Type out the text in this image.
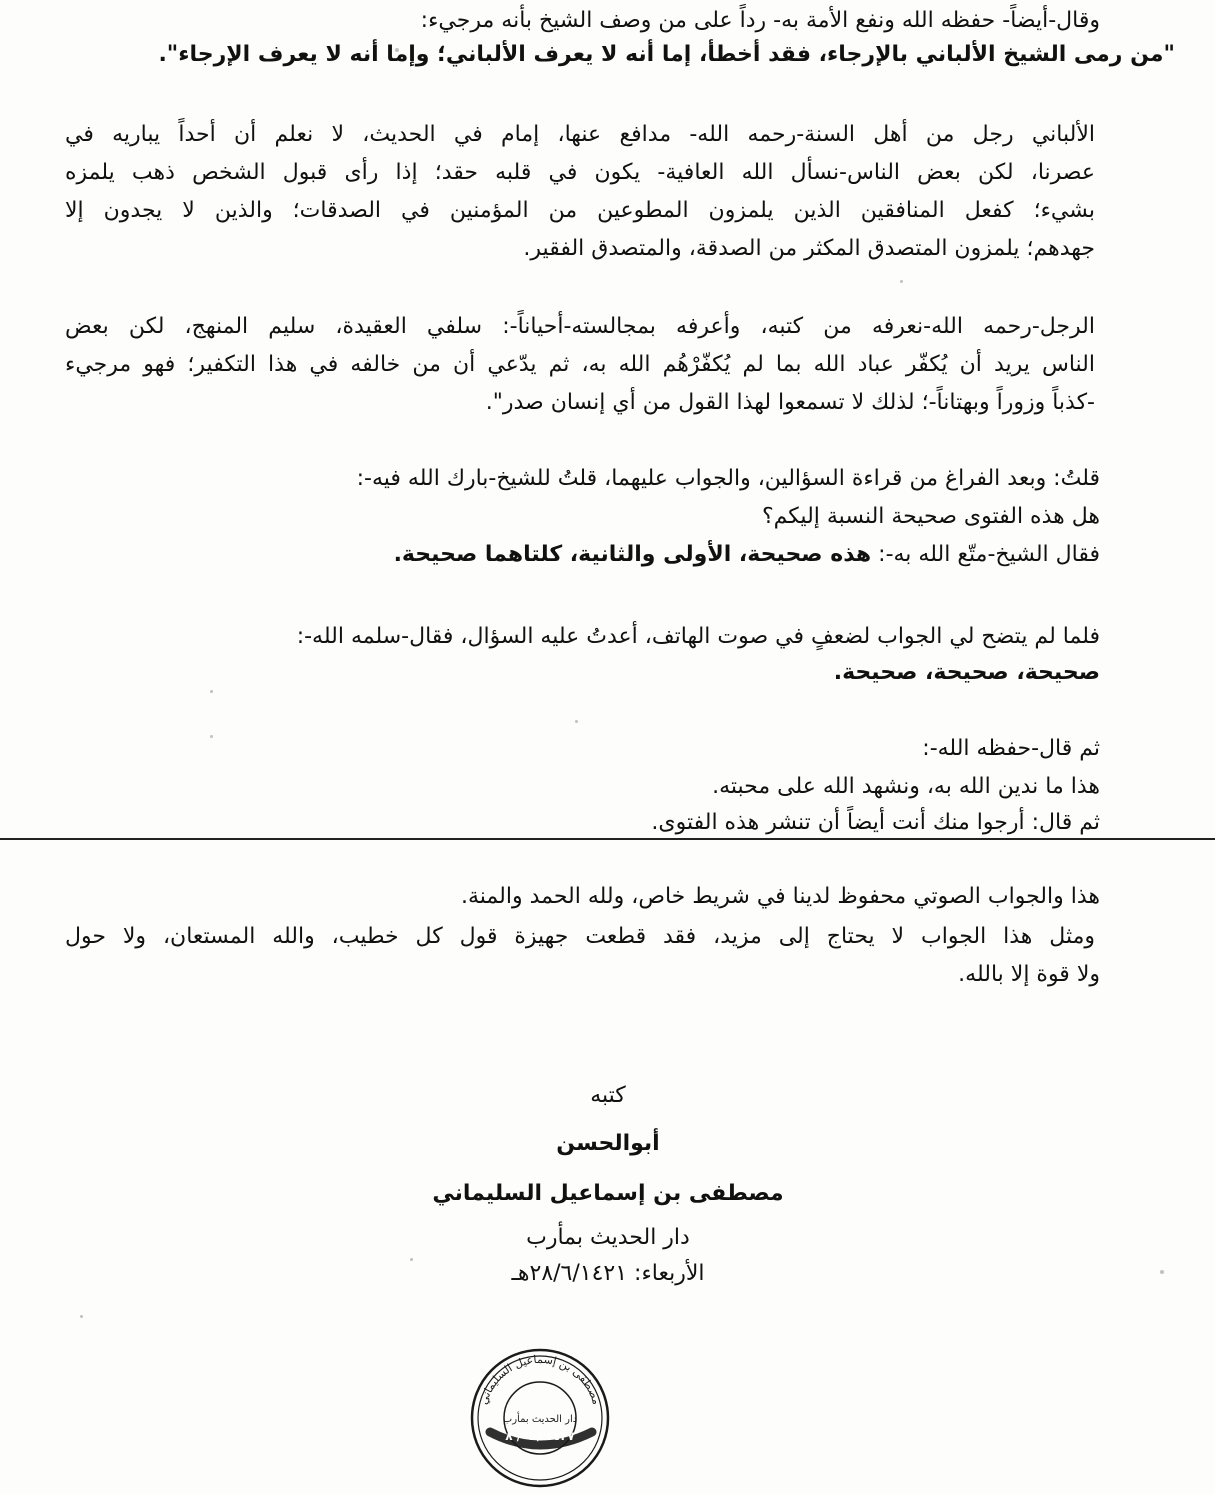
وقال-أيضاً- حفظه الله ونفع الأمة به- رداً على من وصف الشيخ بأنه مرجيء:
"من رمى الشيخ الألباني بالإرجاء، فقد أخطأ، إما أنه لا يعرف الألباني؛ وإما أنه لا يعرف الإرجاء".
الألباني رجل من أهل السنة-رحمه الله- مدافع عنها، إمام في الحديث، لا نعلم أن أحداً يباريه في
عصرنا، لكن بعض الناس-نسأل الله العافية- يكون في قلبه حقد؛ إذا رأى قبول الشخص ذهب يلمزه
بشيء؛ كفعل المنافقين الذين يلمزون المطوعين من المؤمنين في الصدقات؛ والذين لا يجدون إلا
جهدهم؛ يلمزون المتصدق المكثر من الصدقة، والمتصدق الفقير.
الرجل-رحمه الله-نعرفه من كتبه، وأعرفه بمجالسته-أحياناً-: سلفي العقيدة، سليم المنهج، لكن بعض
الناس يريد أن يُكفّر عباد الله بما لم يُكفّرْهُم الله به، ثم يدّعي أن من خالفه في هذا التكفير؛ فهو مرجيء
-كذباً وزوراً وبهتاناً-؛ لذلك لا تسمعوا لهذا القول من أي إنسان صدر".
قلتُ: وبعد الفراغ من قراءة السؤالين، والجواب عليهما، قلتُ للشيخ-بارك الله فيه-:
هل هذه الفتوى صحيحة النسبة إليكم؟
فقال الشيخ-متّع الله به-: هذه صحيحة، الأولى والثانية، كلتاهما صحيحة.
فلما لم يتضح لي الجواب لضعفٍ في صوت الهاتف، أعدتُ عليه السؤال، فقال-سلمه الله-:
صحيحة، صحيحة، صحيحة.
ثم قال-حفظه الله-:
هذا ما ندين الله به، ونشهد الله على محبته.
ثم قال: أرجوا منك أنت أيضاً أن تنشر هذه الفتوى.
هذا والجواب الصوتي محفوظ لدينا في شريط خاص، ولله الحمد والمنة.
ومثل هذا الجواب لا يحتاج إلى مزيد، فقد قطعت جهيزة قول كل خطيب، والله المستعان، ولا حول
ولا قوة إلا بالله.
كتبه
أبوالحسن
مصطفى بن إسماعيل السليماني
دار الحديث بمأرب
الأربعاء: ٢٨/٦/١٤٢١هـ
مصطفى بن إسماعيل السليماني
١٤٢٧ / ٦ / ٨
دار الحديث بمأرب
